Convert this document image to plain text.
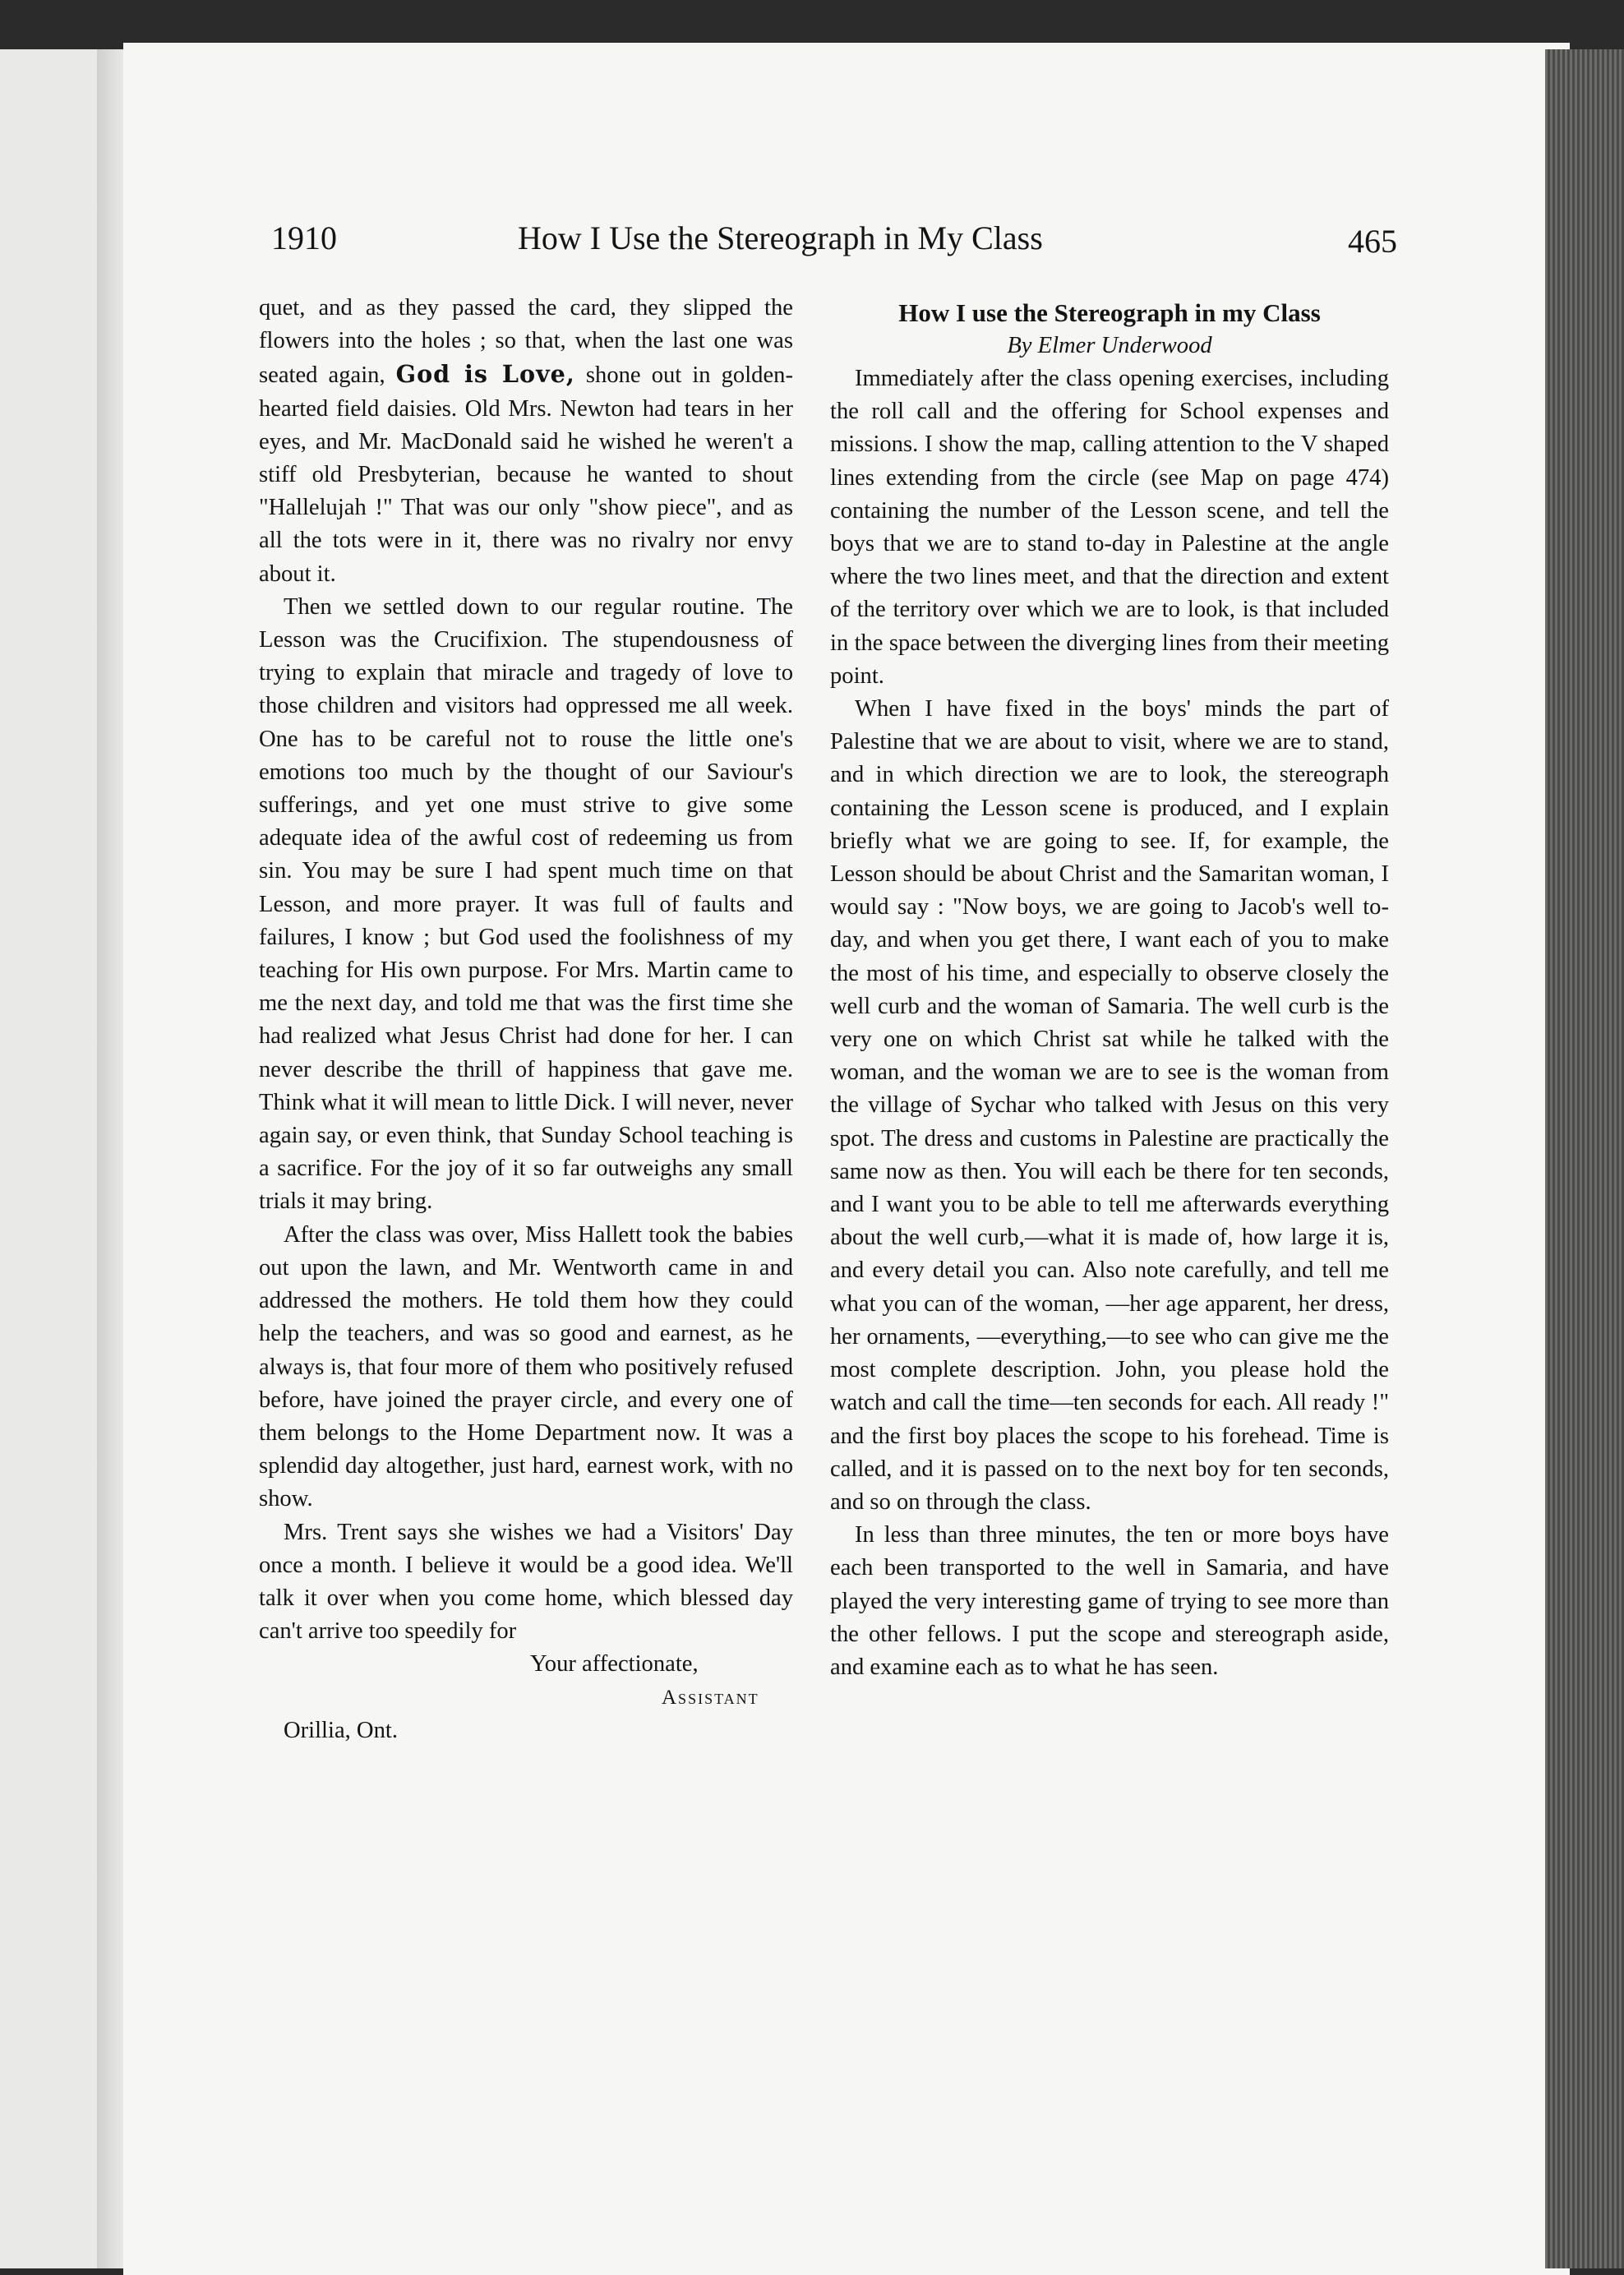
1910	How I Use the Stereograph in My Class	465

quet, and as they passed the card, they slipped the flowers into the holes ; so that, when the last one was seated again, God is Love, shone out in golden-hearted field daisies. Old Mrs. Newton had tears in her eyes, and Mr. MacDonald said he wished he weren't a stiff old Presbyterian, because he wanted to shout "Hallelujah !" That was our only "show piece", and as all the tots were in it, there was no rivalry nor envy about it.

Then we settled down to our regular routine. The Lesson was the Crucifixion. The stupendousness of trying to explain that miracle and tragedy of love to those children and visitors had oppressed me all week. One has to be careful not to rouse the little one's emotions too much by the thought of our Saviour's sufferings, and yet one must strive to give some adequate idea of the awful cost of redeeming us from sin. You may be sure I had spent much time on that Lesson, and more prayer. It was full of faults and failures, I know ; but God used the foolishness of my teaching for His own purpose. For Mrs. Martin came to me the next day, and told me that was the first time she had realized what Jesus Christ had done for her. I can never describe the thrill of happiness that gave me. Think what it will mean to little Dick. I will never, never again say, or even think, that Sunday School teaching is a sacrifice. For the joy of it so far outweighs any small trials it may bring.

After the class was over, Miss Hallett took the babies out upon the lawn, and Mr. Wentworth came in and addressed the mothers. He told them how they could help the teachers, and was so good and earnest, as he always is, that four more of them who positively refused before, have joined the prayer circle, and every one of them belongs to the Home Department now. It was a splendid day altogether, just hard, earnest work, with no show.

Mrs. Trent says she wishes we had a Visitors' Day once a month. I believe it would be a good idea. We'll talk it over when you come home, which blessed day can't arrive too speedily for

Your affectionate,

Assistant

Orillia, Ont.

How I use the Stereograph in my Class
By Elmer Underwood

Immediately after the class opening exercises, including the roll call and the offering for School expenses and missions. I show the map, calling attention to the V shaped lines extending from the circle (see Map on page 474) containing the number of the Lesson scene, and tell the boys that we are to stand to-day in Palestine at the angle where the two lines meet, and that the direction and extent of the territory over which we are to look, is that included in the space between the diverging lines from their meeting point.

When I have fixed in the boys' minds the part of Palestine that we are about to visit, where we are to stand, and in which direction we are to look, the stereograph containing the Lesson scene is produced, and I explain briefly what we are going to see. If, for example, the Lesson should be about Christ and the Samaritan woman, I would say : "Now boys, we are going to Jacob's well to-day, and when you get there, I want each of you to make the most of his time, and especially to observe closely the well curb and the woman of Samaria. The well curb is the very one on which Christ sat while he talked with the woman, and the woman we are to see is the woman from the village of Sychar who talked with Jesus on this very spot. The dress and customs in Palestine are practically the same now as then. You will each be there for ten seconds, and I want you to be able to tell me afterwards everything about the well curb,—what it is made of, how large it is, and every detail you can. Also note carefully, and tell me what you can of the woman, —her age apparent, her dress, her ornaments, —everything,—to see who can give me the most complete description. John, you please hold the watch and call the time—ten seconds for each. All ready !" and the first boy places the scope to his forehead. Time is called, and it is passed on to the next boy for ten seconds, and so on through the class.

In less than three minutes, the ten or more boys have each been transported to the well in Samaria, and have played the very interesting game of trying to see more than the other fellows. I put the scope and stereograph aside, and examine each as to what he has seen.
